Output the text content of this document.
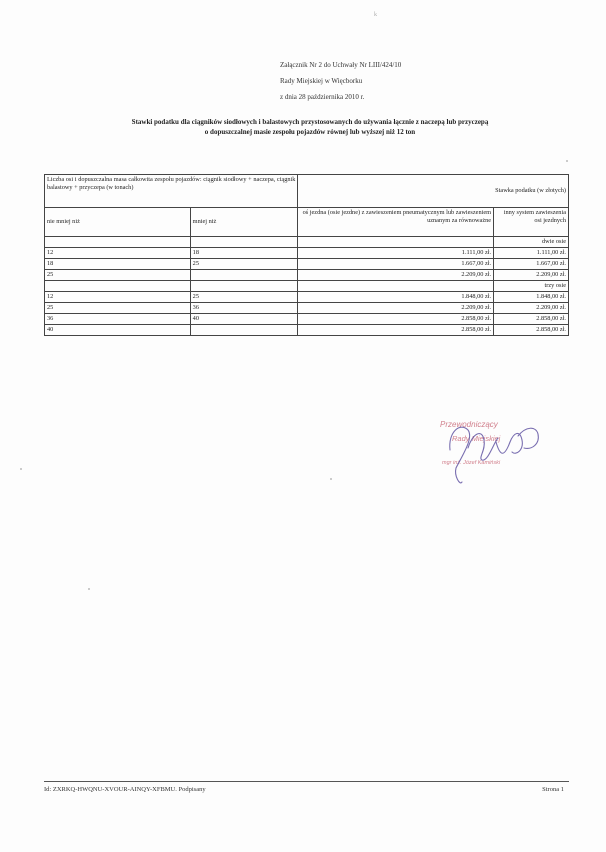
k
Załącznik Nr 2 do Uchwały Nr LIII/424/10
Rady Miejskiej w Więcborku
z dnia 28 października 2010 r.
Stawki podatku dla ciągników siodłowych i balastowych przystosowanych do używania łącznie z naczepą lub przyczepą
o dopuszczalnej masie zespołu pojazdów równej lub wyższej niż 12 ton
Liczba osi i dopuszczalna masa całkowita zespołu pojazdów: ciągnik siodłowy + naczepa, ciągnik balastowy + przyczepa (w tonach)		Stawka podatku (w złotych)	
nie mniej niż	mniej niż	oś jezdna (osie jezdne) z zawieszeniem pneumatycznym lub zawieszeniem uznanym za równoważne	inny system zawieszenia osi jezdnych
			dwie osie
12	18	1.111,00 zł.	1.111,00 zł.
18	25	1.667,00 zł.	1.667,00 zł.
25		2.209,00 zł.	2.209,00 zł.
			trzy osie
12	25	1.848,00 zł.	1.848,00 zł.
25	36	2.209,00 zł.	2.209,00 zł.
36	40	2.858,00 zł.	2.858,00 zł.
40		2.858,00 zł.	2.858,00 zł.
Przewodniczący
Rady Miejskiej
mgr inż. Józef Kamiński
Id: ZXRKQ-HWQNU-XVOUR-AINQY-XFBMU. Podpisany	Strona 1
